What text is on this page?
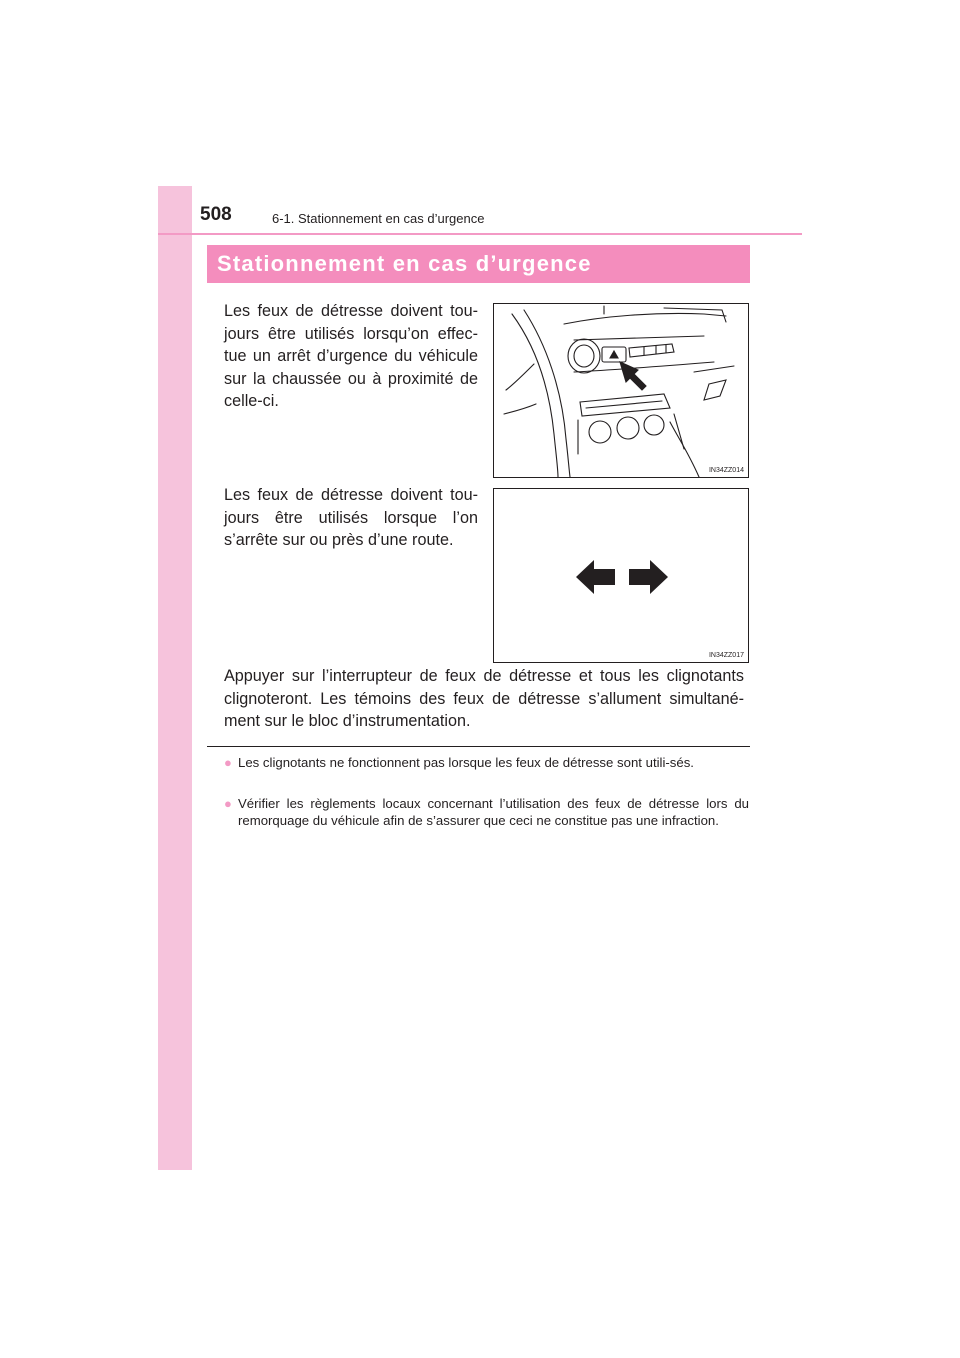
508	6-1. Stationnement en cas d’urgence
Stationnement en cas d’urgence
Les feux de détresse doivent tou-jours être utilisés lorsqu’on effec-tue un arrêt d’urgence du véhicule sur la chaussée ou à proximité de celle-ci.
IN34ZZ014
Les feux de détresse doivent tou-jours être utilisés lorsque l’on s’arrête sur ou près d’une route.
IN34ZZ017
Appuyer sur l’interrupteur de feux de détresse et tous les clignotants clignoteront. Les témoins des feux de détresse s’allument simultané-ment sur le bloc d’instrumentation.
● Les clignotants ne fonctionnent pas lorsque les feux de détresse sont utili-sés.
● Vérifier les règlements locaux concernant l’utilisation des feux de détresse lors du remorquage du véhicule afin de s’assurer que ceci ne constitue pas une infraction.
